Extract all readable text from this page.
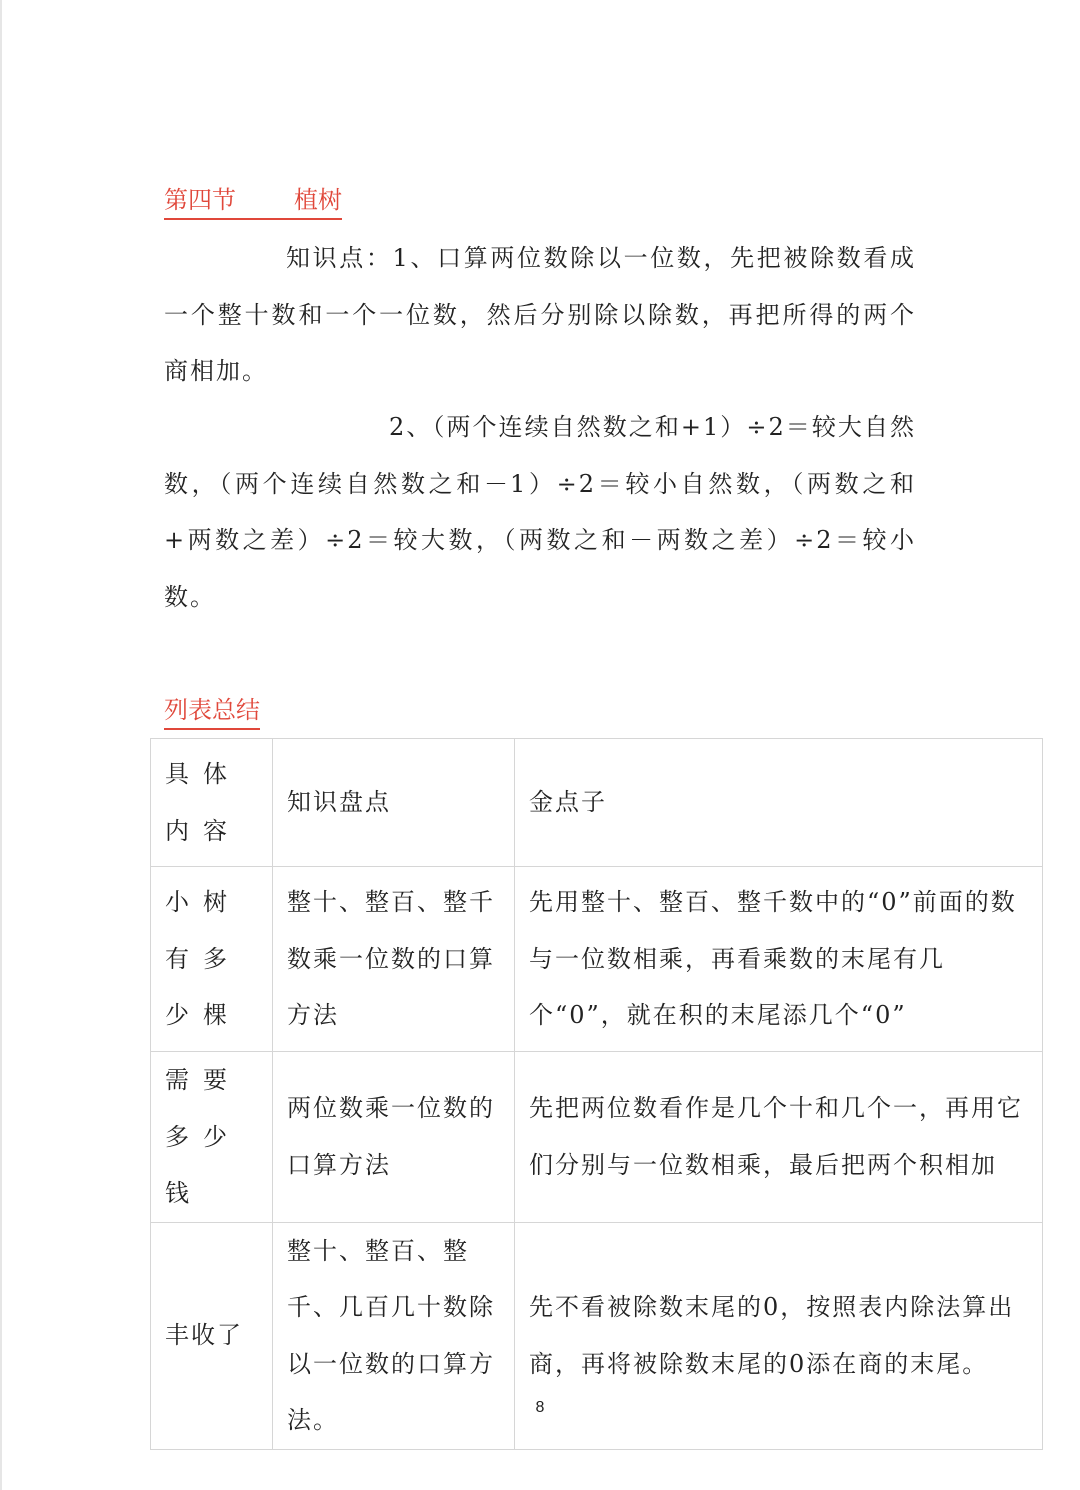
第四节 植树

知识点：1、口算两位数除以一位数，先把被除数看成一个整十数和一个一位数，然后分别除以除数，再把所得的两个商相加。

2、（两个连续自然数之和+1）÷2＝较大自然数，（两个连续自然数之和－1）÷2＝较小自然数，（两数之和+两数之差）÷2＝较大数，（两数之和－两数之差）÷2＝较小数。

列表总结
具体内容	知识盘点	金点子
小树有多少棵	整十、整百、整千数乘一位数的口算方法	先用整十、整百、整千数中的“0”前面的数与一位数相乘，再看乘数的末尾有几个“0”，就在积的末尾添几个“0”
需要多少钱	两位数乘一位数的口算方法	先把两位数看作是几个十和几个一，再用它们分别与一位数相乘，最后把两个积相加
丰收了	整十、整百、整千、几百几十数除以一位数的口算方法。	先不看被除数末尾的0，按照表内除法算出商，再将被除数末尾的0添在商的末尾。
8
